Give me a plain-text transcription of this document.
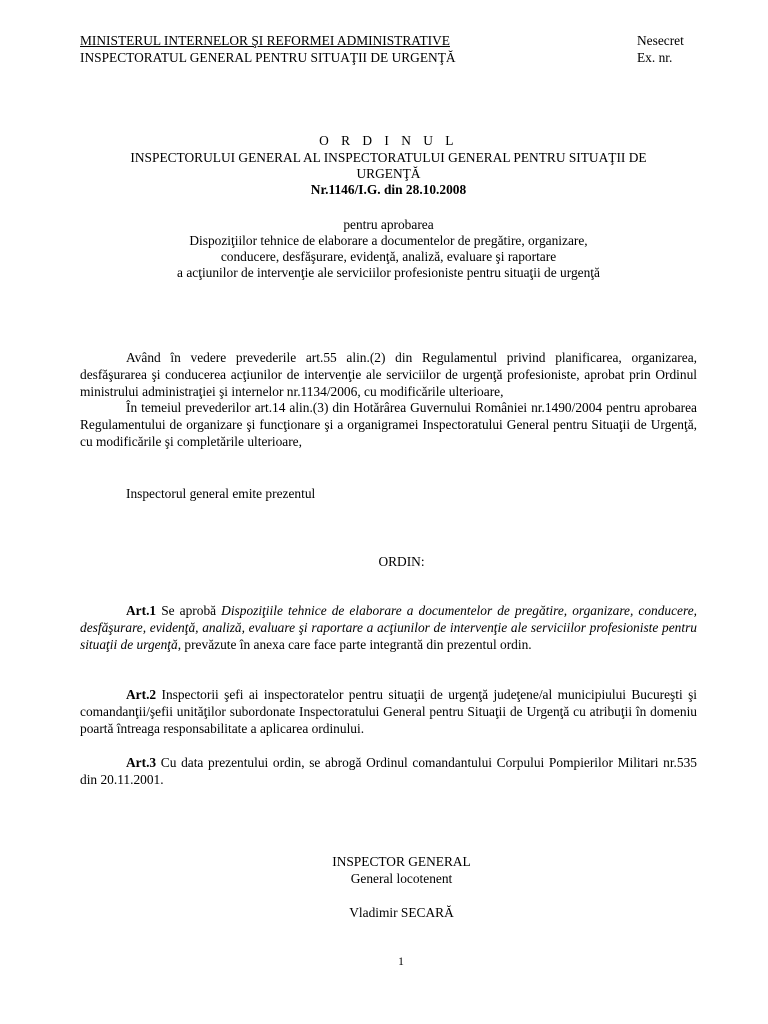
MINISTERUL INTERNELOR ŞI REFORMEI ADMINISTRATIVE
INSPECTORATUL GENERAL PENTRU SITUAŢII DE URGENŢĂ
Nesecret
Ex. nr.
O R D I N U L
INSPECTORULUI GENERAL AL INSPECTORATULUI GENERAL PENTRU SITUAŢII DE
URGENŢĂ
Nr.1146/I.G. din 28.10.2008
pentru aprobarea
Dispoziţiilor tehnice de elaborare a documentelor de pregătire, organizare,
conducere, desfăşurare, evidenţă, analiză, evaluare şi raportare
a acţiunilor de intervenţie ale serviciilor profesioniste pentru situaţii de urgenţă

Având în vedere prevederile art.55 alin.(2) din Regulamentul privind planificarea, organizarea, desfăşurarea şi conducerea acţiunilor de intervenţie ale serviciilor de urgenţă profesioniste, aprobat prin Ordinul ministrului administraţiei şi internelor nr.1134/2006, cu modificările ulterioare,

În temeiul prevederilor art.14 alin.(3) din Hotărârea Guvernului României nr.1490/2004 pentru aprobarea Regulamentului de organizare şi funcţionare şi a organigramei Inspectoratului General pentru Situaţii de Urgenţă, cu modificările şi completările ulterioare,

Inspectorul general emite prezentul

ORDIN:

Art.1 Se aprobă Dispoziţiile tehnice de elaborare a documentelor de pregătire, organizare, conducere, desfăşurare, evidenţă, analiză, evaluare şi raportare a acţiunilor de intervenţie ale serviciilor profesioniste pentru situaţii de urgenţă, prevăzute în anexa care face parte integrantă din prezentul ordin.

Art.2 Inspectorii şefi ai inspectoratelor pentru situaţii de urgenţă judeţene/al municipiului Bucureşti şi comandanţii/şefii unităţilor subordonate Inspectoratului General pentru Situaţii de Urgenţă cu atribuţii în domeniu poartă întreaga responsabilitate a aplicarea ordinului.

Art.3 Cu data prezentului ordin, se abrogă Ordinul comandantului Corpului Pompierilor Militari nr.535 din 20.11.2001.

INSPECTOR GENERAL
General locotenent
Vladimir SECARĂ
1
